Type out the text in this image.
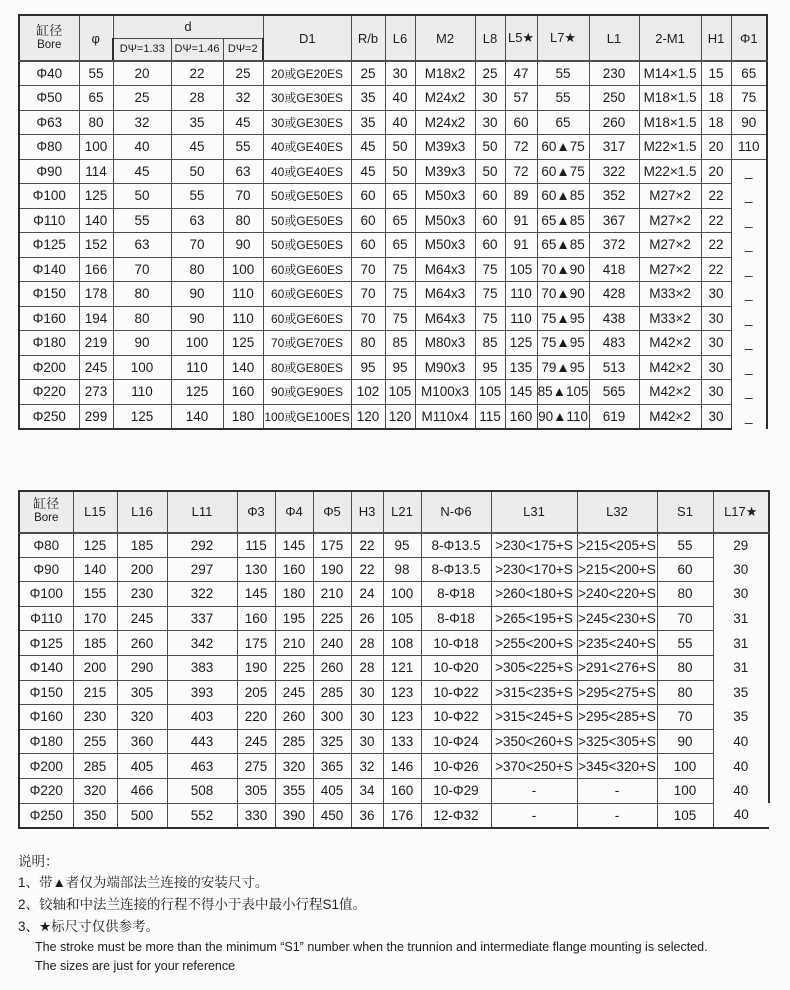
缸径
Bore	φ	d			D1	R/b	L6	M2	L8	L5★	L7★	L1	2-M1	H1	Φ1
		DΨ=1.33	DΨ=1.46	DΨ=2											
Φ40	55	20	22	25	20或GE20ES	25	30	M18x2	25	47	55	230	M14×1.5	15	65
Φ50	65	25	28	32	30或GE30ES	35	40	M24x2	30	57	55	250	M18×1.5	18	75
Φ63	80	32	35	45	30或GE30ES	35	40	M24x2	30	60	65	260	M18×1.5	18	90
Φ80	100	40	45	55	40或GE40ES	45	50	M39x3	50	72	60▲75	317	M22×1.5	20	110
Φ90	114	45	50	63	40或GE40ES	45	50	M39x3	50	72	60▲75	322	M22×1.5	20	_
Φ100	125	50	55	70	50或GE50ES	60	65	M50x3	60	89	60▲85	352	M27×2	22	_
Φ110	140	55	63	80	50或GE50ES	60	65	M50x3	60	91	65▲85	367	M27×2	22	_
Φ125	152	63	70	90	50或GE50ES	60	65	M50x3	60	91	65▲85	372	M27×2	22	_
Φ140	166	70	80	100	60或GE60ES	70	75	M64x3	75	105	70▲90	418	M27×2	22	_
Φ150	178	80	90	110	60或GE60ES	70	75	M64x3	75	110	70▲90	428	M33×2	30	_
Φ160	194	80	90	110	60或GE60ES	70	75	M64x3	75	110	75▲95	438	M33×2	30	_
Φ180	219	90	100	125	70或GE70ES	80	85	M80x3	85	125	75▲95	483	M42×2	30	_
Φ200	245	100	110	140	80或GE80ES	95	95	M90x3	95	135	79▲95	513	M42×2	30	_
Φ220	273	110	125	160	90或GE90ES	102	105	M100x3	105	145	85▲105	565	M42×2	30	_
Φ250	299	125	140	180	100或GE100ES	120	120	M110x4	115	160	90▲110	619	M42×2	30	_
缸径
Bore	L15	L16	L11	Φ3	Φ4	Φ5	H3	L21	N-Φ6	L31	L32	S1	L17★
Φ80	125	185	292	115	145	175	22	95	8-Φ13.5	>230<175+S	>215<205+S	55	29
Φ90	140	200	297	130	160	190	22	98	8-Φ13.5	>230<170+S	>215<200+S	60	30
Φ100	155	230	322	145	180	210	24	100	8-Φ18	>260<180+S	>240<220+S	80	30
Φ110	170	245	337	160	195	225	26	105	8-Φ18	>265<195+S	>245<230+S	70	31
Φ125	185	260	342	175	210	240	28	108	10-Φ18	>255<200+S	>235<240+S	55	31
Φ140	200	290	383	190	225	260	28	121	10-Φ20	>305<225+S	>291<276+S	80	31
Φ150	215	305	393	205	245	285	30	123	10-Φ22	>315<235+S	>295<275+S	80	35
Φ160	230	320	403	220	260	300	30	123	10-Φ22	>315<245+S	>295<285+S	70	35
Φ180	255	360	443	245	285	325	30	133	10-Φ24	>350<260+S	>325<305+S	90	40
Φ200	285	405	463	275	320	365	32	146	10-Φ26	>370<250+S	>345<320+S	100	40
Φ220	320	466	508	305	355	405	34	160	10-Φ29	-	-	100	40
Φ250	350	500	552	330	390	450	36	176	12-Φ32	-	-	105	40
说明：
1、带▲者仅为端部法兰连接的安装尺寸。
2、铰轴和中法兰连接的行程不得小于表中最小行程S1值。
3、★标尺寸仅供参考。
The stroke must be more than the minimum “S1” number when the trunnion and intermediate flange mounting is selected.
The sizes are just for your reference
